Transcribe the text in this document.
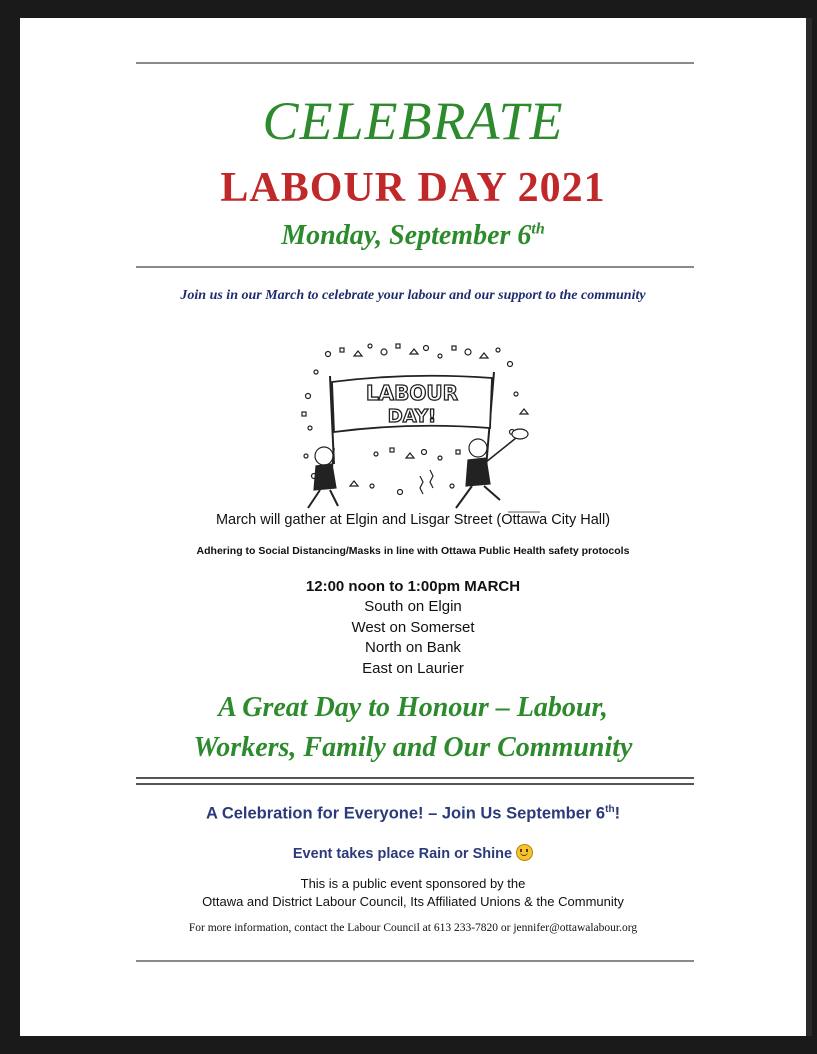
CELEBRATE
LABOUR DAY 2021
Monday, September 6th
Join us in our March to celebrate your labour and our support to the community
LABOUR
DAY!
March will gather at Elgin and Lisgar Street (Ottawa City Hall)
Adhering to Social Distancing/Masks in line with Ottawa Public Health safety protocols
12:00 noon to 1:00pm MARCH
South on Elgin
West on Somerset
North on Bank
East on Laurier
A Great Day to Honour – Labour,
Workers, Family and Our Community
A Celebration for Everyone! – Join Us September 6th!
Event takes place Rain or Shine
This is a public event sponsored by the
Ottawa and District Labour Council, Its Affiliated Unions & the Community
For more information, contact the Labour Council at 613 233-7820 or jennifer@ottawalabour.org
